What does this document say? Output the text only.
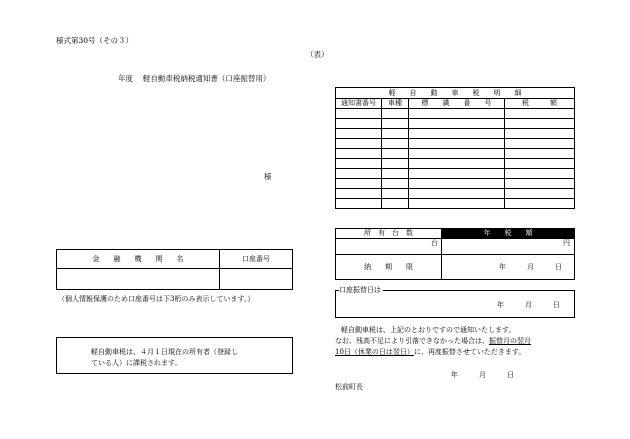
様式第30号（その３）
（表）
年度　 軽自動車税納税通知書（口座振替用）
様
金　　融　　機　　関　　名	口座番号

（個人情報保護のため口座番号は下3桁のみ表示しています。）
軽自動車税は、４月１日現在の所有者（登録し
ている人）に課税されます。
軽　　自　　動　　車　　税　　明　　細			
通知書番号	車種	標　　識　　番　　号	税　　　額

所　有　台　数	年　　税　　額
台	円
納　　期　　限	年　　　月　　　日
口座振替日は
年　　　月　　　日
軽自動車税は、上記のとおりですので通知いたします。
なお、残高不足により引落できなかった場合は、振替月の翌月
10日（休業の日は翌日）に、再度振替させていただきます。
年　　　月　　　日
松前町長
